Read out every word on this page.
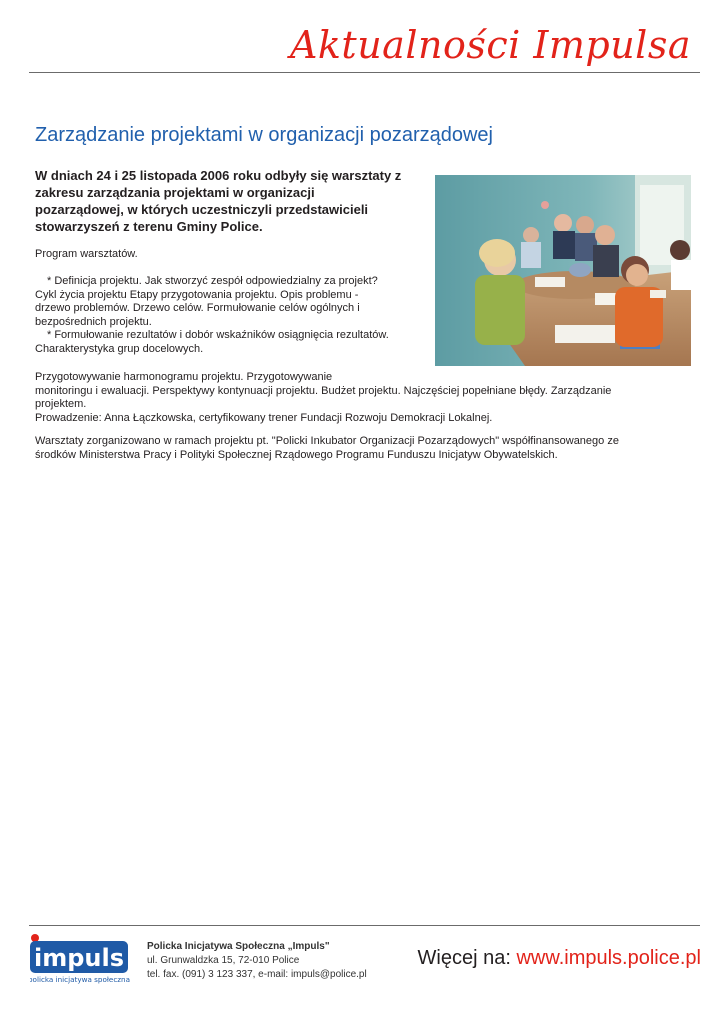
Aktualności Impulsa
Zarządzanie projektami w organizacji pozarządowej

W dniach 24 i 25 listopada 2006 roku odbyły się warsztaty z zakresu zarządzania projektami w organizacji pozarządowej, w których uczestniczyli przedstawicieli stowarzyszeń z terenu Gminy Police.

Program warsztatów.
* Definicja projektu. Jak stworzyć zespół odpowiedzialny za projekt?
Cykl życia projektu Etapy przygotowania projektu. Opis problemu -
drzewo problemów. Drzewo celów. Formułowanie celów ogólnych i
bezpośrednich projektu.
* Formułowanie rezultatów i dobór wskaźników osiągnięcia rezultatów.
Charakterystyka grup docelowych.
Przygotowywanie harmonogramu projektu. Przygotowywanie
monitoringu i ewaluacji. Perspektywy kontynuacji projektu. Budżet projektu. Najczęściej popełniane błędy. Zarządzanie
projektem.
Prowadzenie: Anna Łączkowska, certyfikowany trener Fundacji Rozwoju Demokracji Lokalnej.
Warsztaty zorganizowano w ramach projektu pt. "Policki Inkubator Organizacji Pozarządowych" współfinansowanego ze
środków Ministerstwa Pracy i Polityki Społecznej Rządowego Programu Funduszu Inicjatyw Obywatelskich.
impuls
policka inicjatywa społeczna
Policka Inicjatywa Społeczna „Impuls"
ul. Grunwaldzka 15, 72-010 Police
tel. fax. (091) 3 123 337, e-mail: impuls@police.pl
Więcej na: www.impuls.police.pl
